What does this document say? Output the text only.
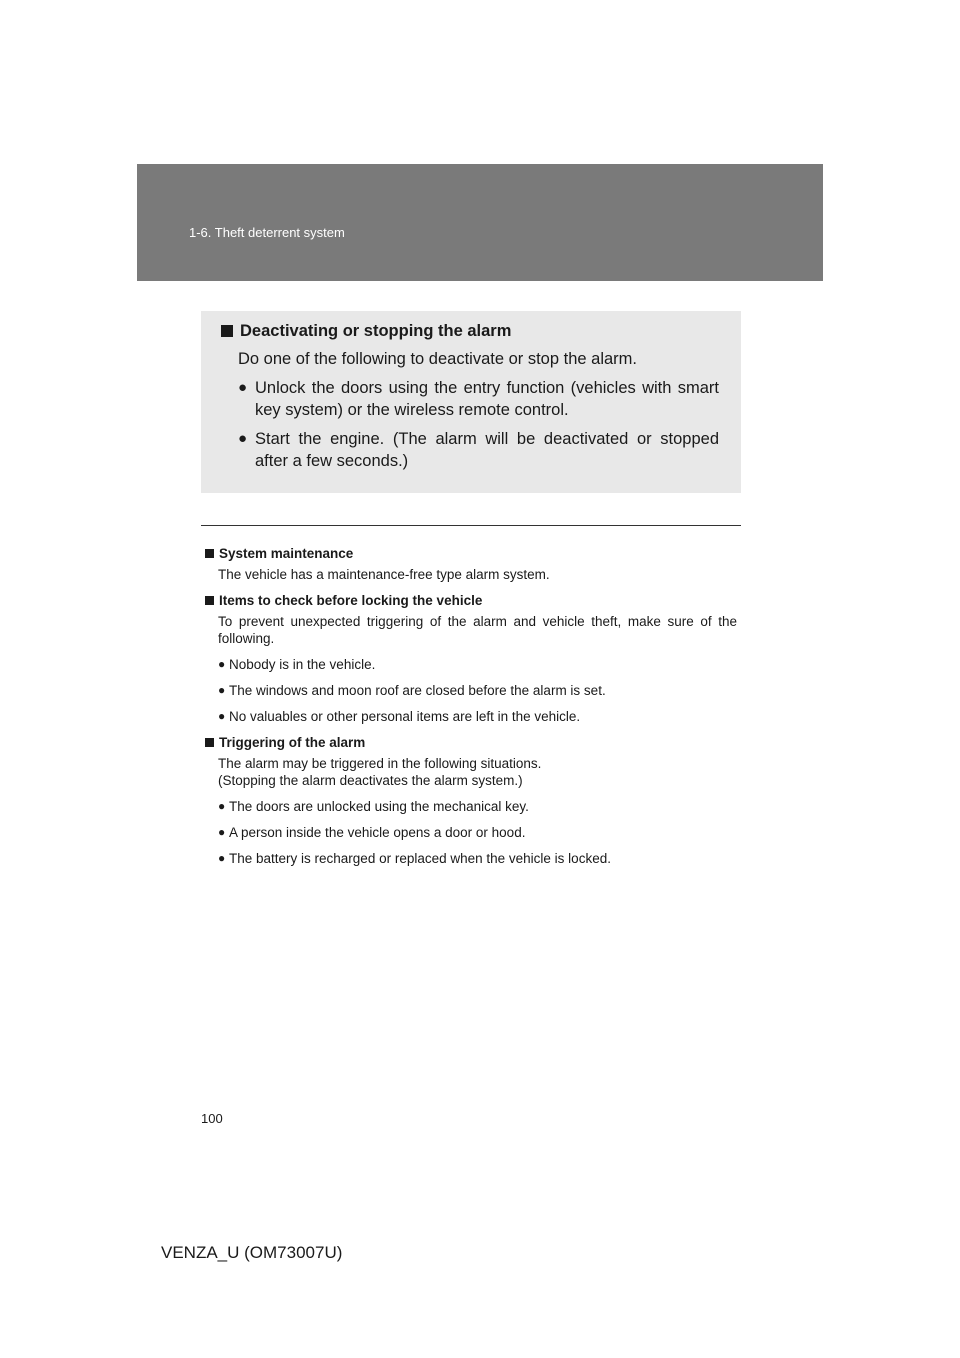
1-6. Theft deterrent system
Deactivating or stopping the alarm
Do one of the following to deactivate or stop the alarm.
● Unlock the doors using the entry function (vehicles with smart key system) or the wireless remote control.
● Start the engine. (The alarm will be deactivated or stopped after a few seconds.)
System maintenance
The vehicle has a maintenance-free type alarm system.
Items to check before locking the vehicle
To prevent unexpected triggering of the alarm and vehicle theft, make sure of the following.
● Nobody is in the vehicle.
● The windows and moon roof are closed before the alarm is set.
● No valuables or other personal items are left in the vehicle.
Triggering of the alarm
The alarm may be triggered in the following situations.
(Stopping the alarm deactivates the alarm system.)
● The doors are unlocked using the mechanical key.
● A person inside the vehicle opens a door or hood.
● The battery is recharged or replaced when the vehicle is locked.
100
VENZA_U (OM73007U)
